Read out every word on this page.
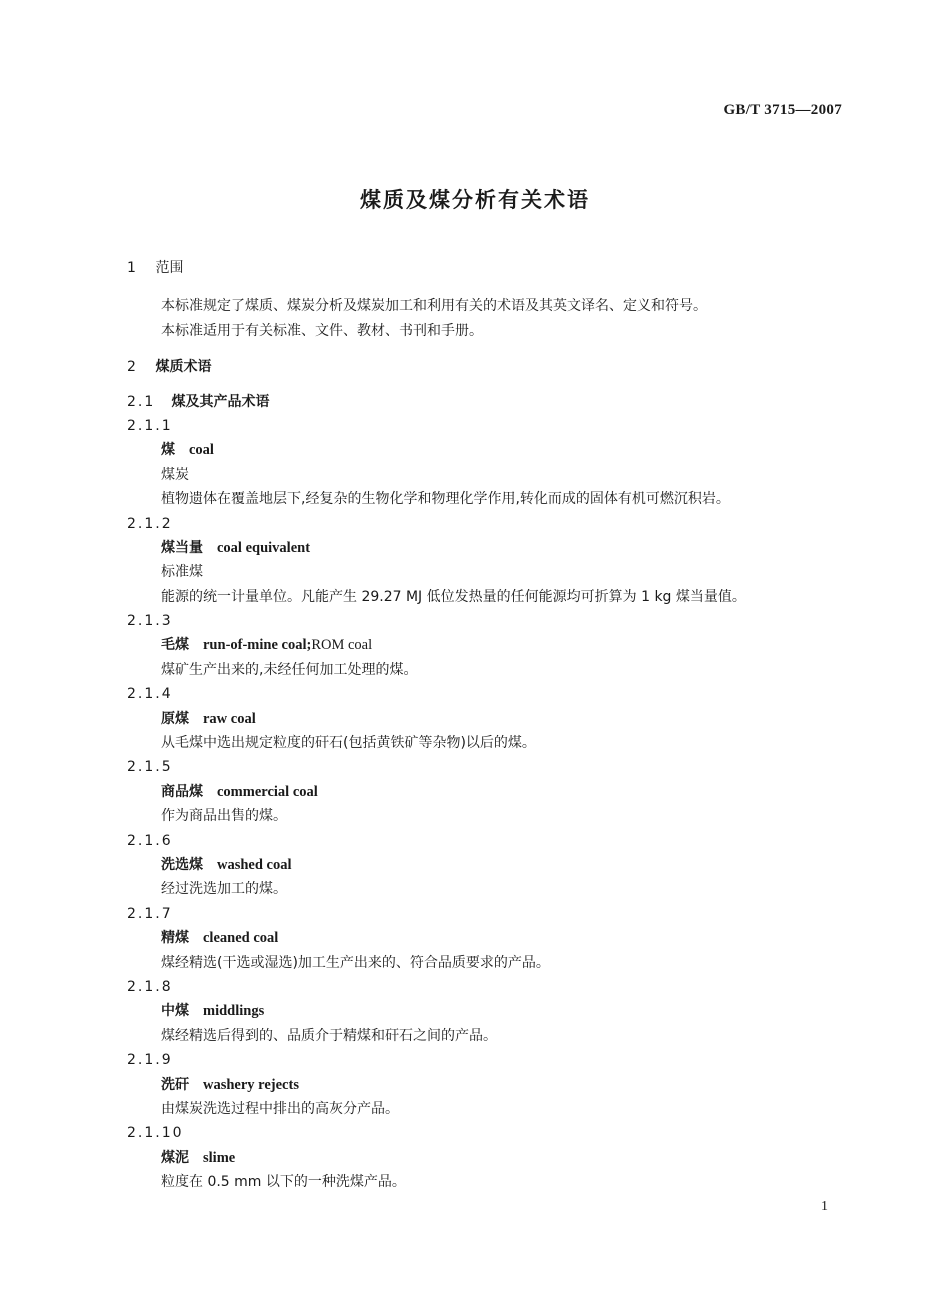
GB/T 3715—2007
煤质及煤分析有关术语
1 范围
本标准规定了煤质、煤炭分析及煤炭加工和利用有关的术语及其英文译名、定义和符号。
本标准适用于有关标准、文件、教材、书刊和手册。
2 煤质术语
2.1 煤及其产品术语
2.1.1
煤 coal
煤炭
植物遗体在覆盖地层下,经复杂的生物化学和物理化学作用,转化而成的固体有机可燃沉积岩。
2.1.2
煤当量 coal equivalent
标准煤
能源的统一计量单位。凡能产生 29.27 MJ 低位发热量的任何能源均可折算为 1 kg 煤当量值。
2.1.3
毛煤 run-of-mine coal;ROM coal
煤矿生产出来的,未经任何加工处理的煤。
2.1.4
原煤 raw coal
从毛煤中选出规定粒度的矸石(包括黄铁矿等杂物)以后的煤。
2.1.5
商品煤 commercial coal
作为商品出售的煤。
2.1.6
洗选煤 washed coal
经过洗选加工的煤。
2.1.7
精煤 cleaned coal
煤经精选(干选或湿选)加工生产出来的、符合品质要求的产品。
2.1.8
中煤 middlings
煤经精选后得到的、品质介于精煤和矸石之间的产品。
2.1.9
洗矸 washery rejects
由煤炭洗选过程中排出的高灰分产品。
2.1.10
煤泥 slime
粒度在 0.5 mm 以下的一种洗煤产品。
1
